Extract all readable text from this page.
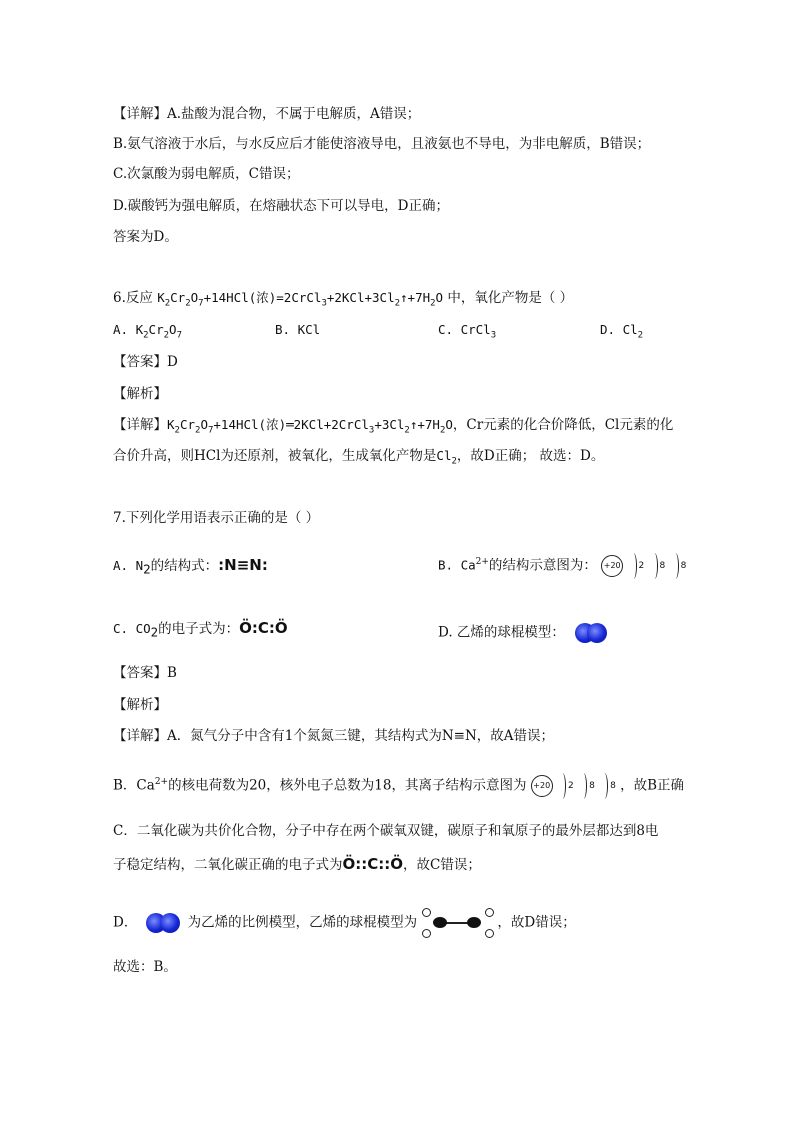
【详解】A.盐酸为混合物，不属于电解质，A错误；
B.氨气溶液于水后，与水反应后才能使溶液导电，且液氨也不导电，为非电解质，B错误；
C.次氯酸为弱电解质，C错误；
D.碳酸钙为强电解质，在熔融状态下可以导电，D正确；
答案为D。
6.反应 $K_2Cr_2O_7+14HCl$(浓)$=2CrCl_3+2KCl+3Cl_2↑+7H_2O$ 中，氧化产物是（ ）
A. $K_2Cr_2O_7$	B. KCl	C. CrCl$_3$	D. $Cl_2$
【答案】D
【解析】
【详解】$K_2Cr_2O_7+14HCl$(浓)$═2KCl+2CrCl_3+3Cl_2↑+7H_2O$，Cr元素的化合价降低，Cl元素的化
合价升高，则HCl为还原剂，被氧化，生成氧化产物是$Cl_2$，故D正确； 故选：D。
7.下列化学用语表示正确的是（ ）
A. $N_2$的结构式：:N≡N:	B. $Ca^{2+}$的结构示意图为： +20 2 8 8
C. $CO_2$的电子式为：Ö:C:Ö	D. 乙烯的球棍模型：
【答案】B
【解析】
【详解】A．氮气分子中含有1个氮氮三键，其结构式为N≡N，故A错误；
B．$Ca^{2+}$的核电荷数为20，核外电子总数为18，其离子结构示意图为 +20 2 8 8 ，故B正确
C．二氧化碳为共价化合物，分子中存在两个碳氧双键，碳原子和氧原子的最外层都达到8电
子稳定结构，二氧化碳正确的电子式为Ö::C::Ö，故C错误；
D．	为乙烯的比例模型，乙烯的球棍模型为	，故D错误；
故选：B。
